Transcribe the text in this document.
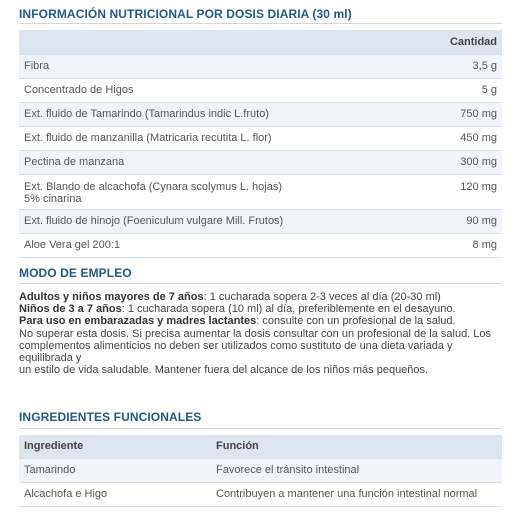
INFORMACIÓN NUTRICIONAL POR DOSIS DIARIA (30 ml)
	Cantidad
Fibra	3,5 g
Concentrado de Higos	5 g
Ext. fluido de Tamarindo (Tamarindus indic L.fruto)	750 mg
Ext. fluido de manzanilla (Matricaria recutita L. flor)	450 mg
Pectina de manzana	300 mg

Ext. Blando de alcachofa (Cynara scolymus L. hojas)
5% cinarina	120 mg
Ext. fluido de hinojo (Foeniculum vulgare Mill. Frutos)	90 mg
Aloe Vera gel 200:1	8 mg
MODO DE EMPLEO
Adultos y niños mayores de 7 años: 1 cucharada sopera 2-3 veces al día (20-30 ml)
Niños de 3 a 7 años: 1 cucharada sopera (10 ml) al día, preferiblemente en el desayuno.
Para uso en embarazadas y madres lactantes: consulte con un profesional de la salud.
No superar esta dosis. Si precisa aumentar la dosis consultar con un profesional de la salud. Los complementos alimenticios no deben ser utilizados como sustituto de una dieta variada y equilibrada y
un estilo de vida saludable. Mantener fuera del alcance de los niños más pequeños.
INGREDIENTES FUNCIONALES
Ingrediente	Función
Tamarindo	Favorece el tránsito intestinal
Alcachofa e Higo	Contribuyen a mantener una función intestinal normal
